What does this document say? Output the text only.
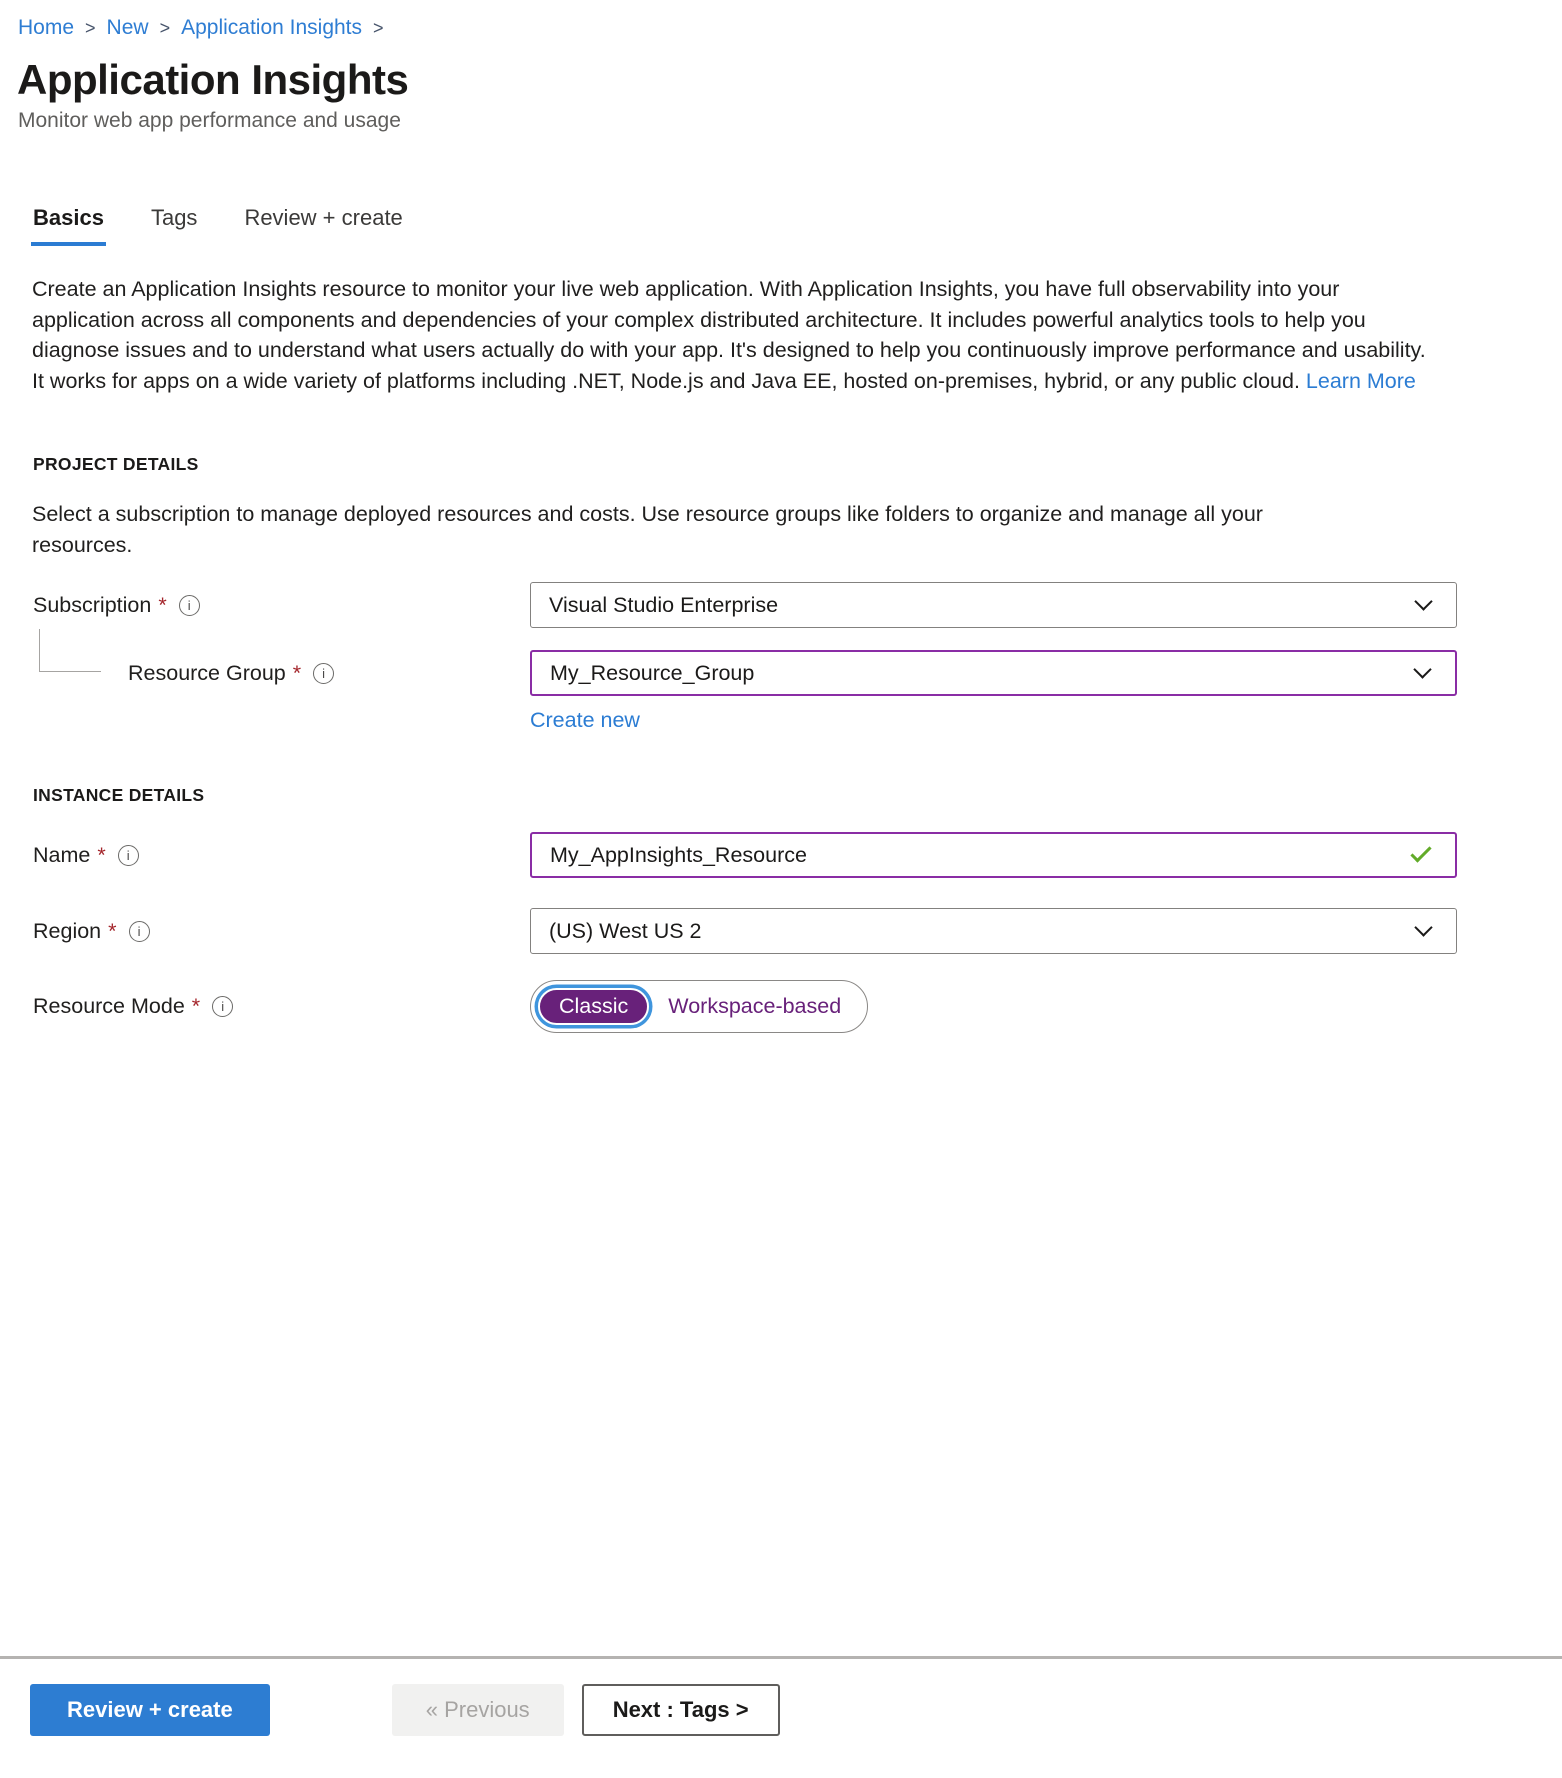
Home > New > Application Insights >
Application Insights
Monitor web app performance and usage
Basics Tags Review + create

Create an Application Insights resource to monitor your live web application. With Application Insights, you have full observability into your application across all components and dependencies of your complex distributed architecture. It includes powerful analytics tools to help you diagnose issues and to understand what users actually do with your app. It's designed to help you continuously improve performance and usability. It works for apps on a wide variety of platforms including .NET, Node.js and Java EE, hosted on-premises, hybrid, or any public cloud. Learn More

PROJECT DETAILS

Select a subscription to manage deployed resources and costs. Use resource groups like folders to organize and manage all your resources.

Subscription *	i	Visual Studio Enterprise
Resource Group *	i	My_Resource_Group
Create new
INSTANCE DETAILS
Name *	i	My_AppInsights_Resource
Region *	i	(US) West US 2
Resource Mode *	i	Classic	Workspace-based
Review + create	« Previous	Next : Tags >
